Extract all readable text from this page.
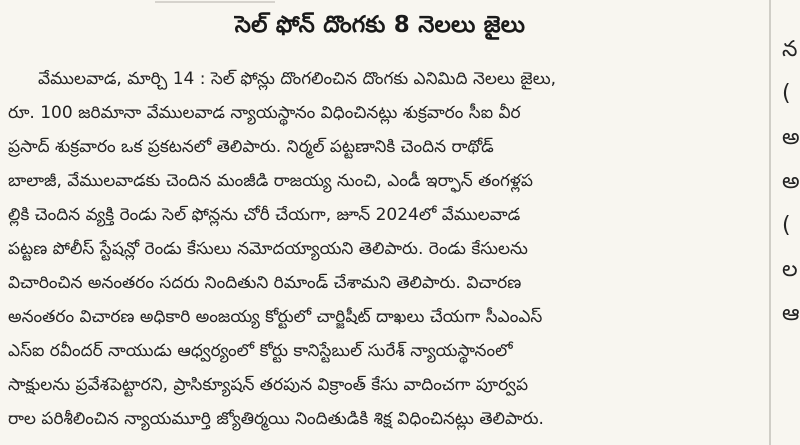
సెల్ ఫోన్ దొంగకు 8 నెలలు జైలు
వేములవాడ, మార్చి 14 : సెల్ ఫోన్లు దొంగలించిన దొంగకు ఎనిమిది నెలలు జైలు,
రూ. 100 జరిమానా వేములవాడ న్యాయస్థానం విధించినట్లు శుక్రవారం సీఐ వీర
ప్రసాద్ శుక్రవారం ఒక ప్రకటనలో తెలిపారు. నిర్మల్ పట్టణానికి చెందిన రాథోడ్
బాలాజీ, వేములవాడకు చెందిన మంజీడి రాజయ్య నుంచి, ఎండీ ఇర్ఫాన్ తంగళ్లప
ల్లికి చెందిన వ్యక్తి రెండు సెల్ ఫోన్లను చోరీ చేయగా, జూన్ 2024లో వేములవాడ
పట్టణ పోలీస్ స్టేషన్లో రెండు కేసులు నమోదయ్యాయని తెలిపారు. రెండు కేసులను
విచారించిన అనంతరం సదరు నిందితుని రిమాండ్ చేశామని తెలిపారు. విచారణ
అనంతరం విచారణ అధికారి అంజయ్య కోర్టులో చార్జిషీట్ దాఖలు చేయగా సీఎంఎస్
ఎస్ఐ రవీందర్ నాయుడు ఆధ్వర్యంలో కోర్టు కానిస్టేబుల్ సురేశ్ న్యాయస్థానంలో
సాక్షులను ప్రవేశపెట్టారని, ప్రాసిక్యూషన్ తరపున విక్రాంత్ కేసు వాదించగా పూర్వప
రాల పరిశీలించిన న్యాయమూర్తి జ్యోతిర్మయి నిందితుడికి శిక్ష విధించినట్లు తెలిపారు.
న
(
అ
అ
(
ల
ఆ
